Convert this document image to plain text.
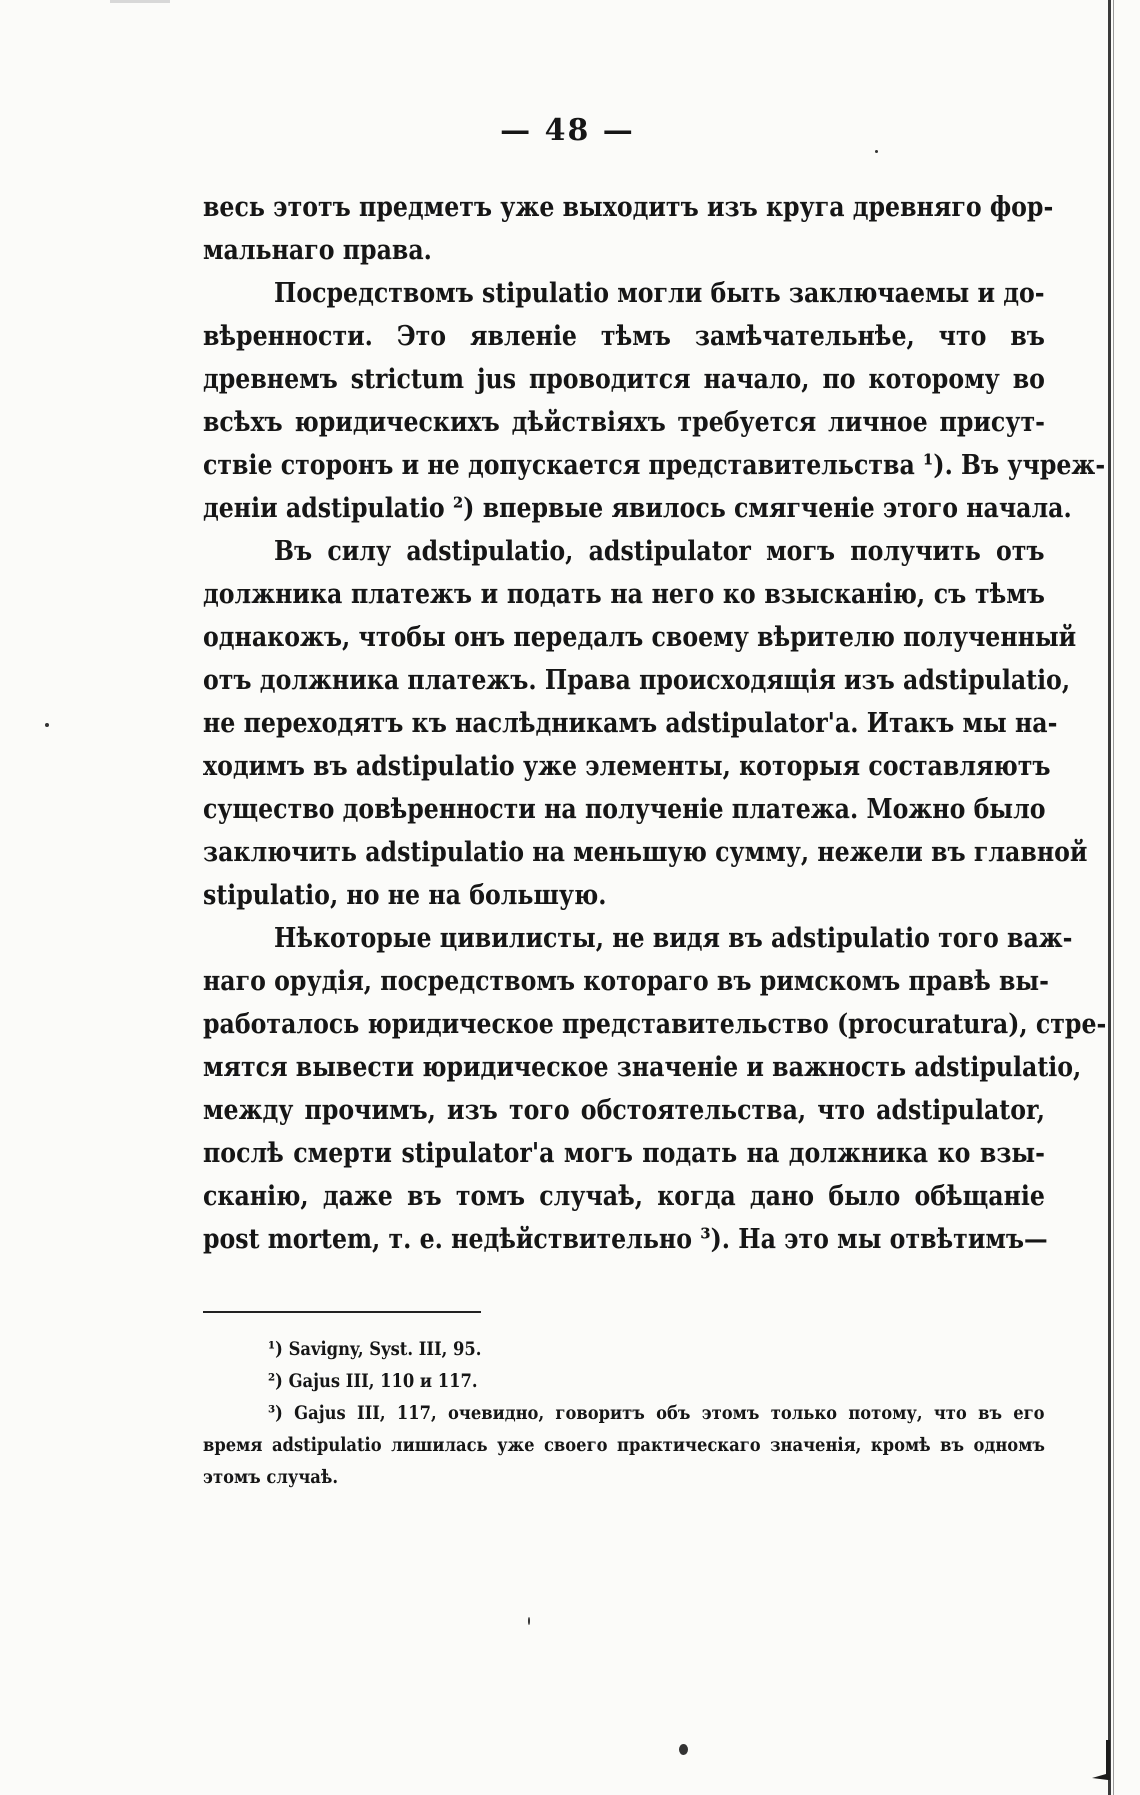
— 48 —
весь этотъ предметъ уже выходитъ изъ круга древняго фор-
мальнаго права.
Посредствомъ stipulatio могли быть заключаемы и до-
вѣренности. Это явленіе тѣмъ замѣчательнѣе, что въ
древнемъ strictum jus проводится начало, по которому во
всѣхъ юридическихъ дѣйствіяхъ требуется личное присут-
ствіе сторонъ и не допускается представительства ¹). Въ учреж-
деніи adstipulatio ²) впервые явилось смягченіе этого начала.
Въ силу adstipulatio, adstipulator могъ получить отъ
должника платежъ и подать на него ко взысканію, съ тѣмъ
однакожъ, чтобы онъ передалъ своему вѣрителю полученный
отъ должника платежъ. Права происходящія изъ adstipulatio,
не переходятъ къ наслѣдникамъ adstipulator'а. Итакъ мы на-
ходимъ въ adstipulatio уже элементы, которыя составляютъ
существо довѣренности на полученіе платежа. Можно было
заключить adstipulatio на меньшую сумму, нежели въ главной
stipulatio, но не на большую.
Нѣкоторые цивилисты, не видя въ adstipulatio того важ-
наго орудія, посредствомъ котораго въ римскомъ правѣ вы-
работалось юридическое представительство (procuratura), стре-
мятся вывести юридическое значеніе и важность adstipulatio,
между прочимъ, изъ того обстоятельства, что adstipulator,
послѣ смерти stipulator'а могъ подать на должника ко взы-
сканію, даже въ томъ случаѣ, когда дано было обѣщаніе
post mortem, т. е. недѣйствительно ³). На это мы отвѣтимъ—
¹) Savigny, Syst. III, 95.
²) Gajus III, 110 и 117.
³) Gajus III, 117, очевидно, говоритъ объ этомъ только потому, что въ его
время adstipulatio лишилась уже своего практическаго значенія, кромѣ въ одномъ
этомъ случаѣ.
